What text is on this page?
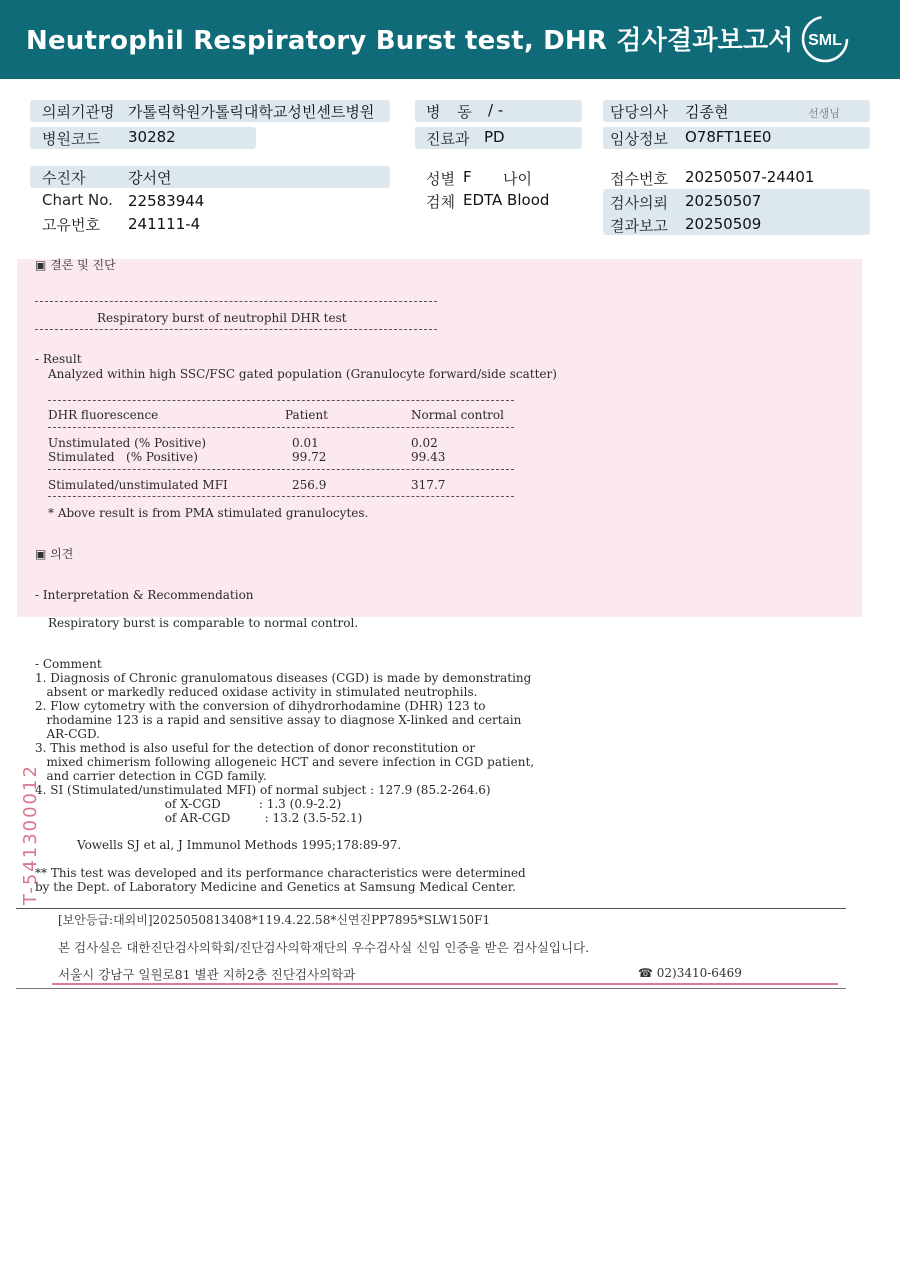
Neutrophil Respiratory Burst test, DHR 검사결과보고서 SML
의뢰기관명 가톨릭학원가톨릭대학교성빈센트병원
병원코드 30282
병 동 / -
진료과 PD
담당의사 김종현	선생님
임상정보 O78FT1EE0
수진자	강서연
Chart No. 22583944
고유번호 241111-4
성별 F 나이
검체 EDTA Blood
접수번호 20250507-24401
검사의뢰 20250507
결과보고 20250509
▣ 결론 및 진단
Respiratory burst of neutrophil DHR test
- Result
Analyzed within high SSC/FSC gated population (Granulocyte forward/side scatter)
DHR fluorescence	Patient	Normal control
Unstimulated (% Positive)	0.01	0.02
Stimulated   (% Positive)	99.72	99.43
Stimulated/unstimulated MFI	256.9	317.7
* Above result is from PMA stimulated granulocytes.
▣ 의견
- Interpretation & Recommendation
Respiratory burst is comparable to normal control.
- Comment
1. Diagnosis of Chronic granulomatous diseases (CGD) is made by demonstrating
absent or markedly reduced oxidase activity in stimulated neutrophils.
2. Flow cytometry with the conversion of dihydrorhodamine (DHR) 123 to
rhodamine 123 is a rapid and sensitive assay to diagnose X-linked and certain
AR-CGD.
3. This method is also useful for the detection of donor reconstitution or
mixed chimerism following allogeneic HCT and severe infection in CGD patient,
and carrier detection in CGD family.
4. SI (Stimulated/unstimulated MFI) of normal subject : 127.9 (85.2-264.6)
of X-CGD          : 1.3 (0.9-2.2)
of AR-CGD         : 13.2 (3.5-52.1)
Vowells SJ et al, J Immunol Methods 1995;178:89-97.
** This test was developed and its performance characteristics were determined
by the Dept. of Laboratory Medicine and Genetics at Samsung Medical Center.
T-541300012
[보안등급:대외비]2025050813408*119.4.22.58*신연진PP7895*SLW150F1
본 검사실은 대한진단검사의학회/진단검사의학재단의 우수검사실 신임 인증을 받은 검사실입니다.
서울시 강남구 일원로81 별관 지하2층 진단검사의학과	☎ 02)3410-6469
